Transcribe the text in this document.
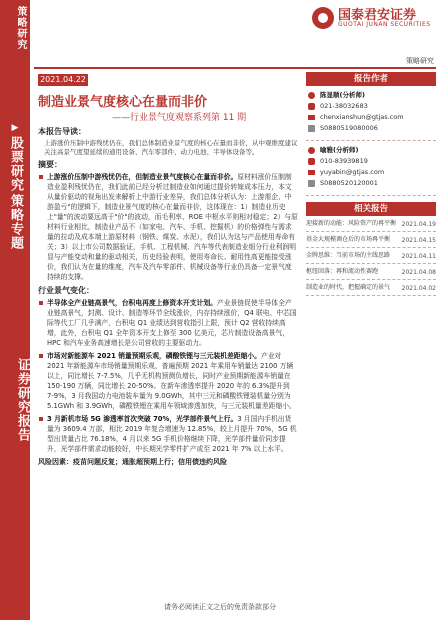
策略研究
▶
股票研究
策略专题
证券研究报告
国泰君安证券
GUOTAI JUNAN SECURITIES
策略研究
2021.04.22
制造业景气度核心在量而非价
——行业景气度观察系列第 11 期
本报告导读：
上游涨价压制中游残忧仍在，我们总体制造业景气度的核心在量而非价，从中观维度建议关注高景气度望延续的通用设备、汽车零部件、动力电池、半导体设备等。
摘要：
上游涨价压制中游残忧仍在，但制造业景气度核心在量而非价。原材料涨价压制制造业盈利残忧仍在，我们此前已经分析过制造业如何通过提价转嫁成本压力，本文从量价驱动的视角出发来解析上中游行业差异，我们总体分析认为：上游需企、中游盈亏"的逻辑下，制造业景气度的核心在量而非价，这体现在：1）制造业历史上"量"的波动要远高于"价"的波动，而毛利率、ROE 中枢水平则相对稳定；2）与原材料行业相比，制造业产品不（如家电、汽车、手机、挖掘机）的价格弹性与需求量的拉动及成本端上游原材料（钢铁、煤炭、水泥），我们认为这与产品使用寿命有关；3）以上市公司数据验证，手机、工程机械、汽车等代表制造业细分行业利润明显与产能变动和量的驱动相关，历史经验表明，使用寿命长、耐用性高更能接受涨价，我们认为在量的维度，汽车及汽车零部件、机械设备等行业仍具备一定景气度持续的支撑。
行业景气变化：
半导体全产业链高景气，台积电再度上修资本开支计划。产业景链促使半导体全产业链高景气，封测、设计、制造等环节全线涨价，内存持续涨价，Q4 联电、中芯国际等代工厂几乎满产，台积电 Q1 业绩达到营收指引上限，预计 Q2 营收持续高增，此外，台积电 Q1 全年资本开支上修至 300 亿美元，芯片制造设备高景气，HPC 和汽车业务高速增长是公司营收的主要驱动力。
市场对新能源车 2021 销量预期乐观，磷酸铁锂与三元装机差距缩小。产业对 2021 年新能源车市场销量预期乐观，普遍预期 2021 年乘用车销量达 2100 万辆以上，同比增长 7-7.5%，几乎无机构预测负增长，同时产业预期新能源车销量在 150-190 万辆，同比增长 20-50%。在新车渗透率提升 2020 年的 6.3%提升到 7-9%，3 月我国动力电池装车量为 9.0GWh，其中三元和磷酸铁锂装机量分别为 5.1GWh 和 3.9GWh，磷酸铁锂在乘用车领域渗透加快，与三元装机量差距缩小。
3 月新机市场 5G 渗透率首次突破 70%，光学部件景气上行。3 月国内手机出货量为 3609.4 万部，相比 2019 年复合增速为 12.85%，较上月提升 70%，5G 机型出货量占比 76.18%，4 月以来 5G 手机价格继续下降，光学部件量价同步提升，光学部件需求动能较好，中长期光学零件扩产或至 2021 年 7% 以上水平。
风险因素：疫苗问题反复；通胀超预期上行；信用债违约风险
报告作者
陈显顺(分析师)
021-38032683
chenxianshun@gtjas.com
S0880519080006
喻雅(分析师)
010-83939819
yuyabin@gtjas.com
S0880520120001
相关报告
迎接新的动能：风险资产的再平衡 2021.04.19
基金大规模调仓后的市场再平衡	2021.04.15
金牌思维：当前市场的主线思路	2021.04.11
枢纽回落：再和流动性赛跑	2021.04.08
制造业的时代，把握确定的景气	2021.04.02
请务必阅读正文之后的免责条款部分
